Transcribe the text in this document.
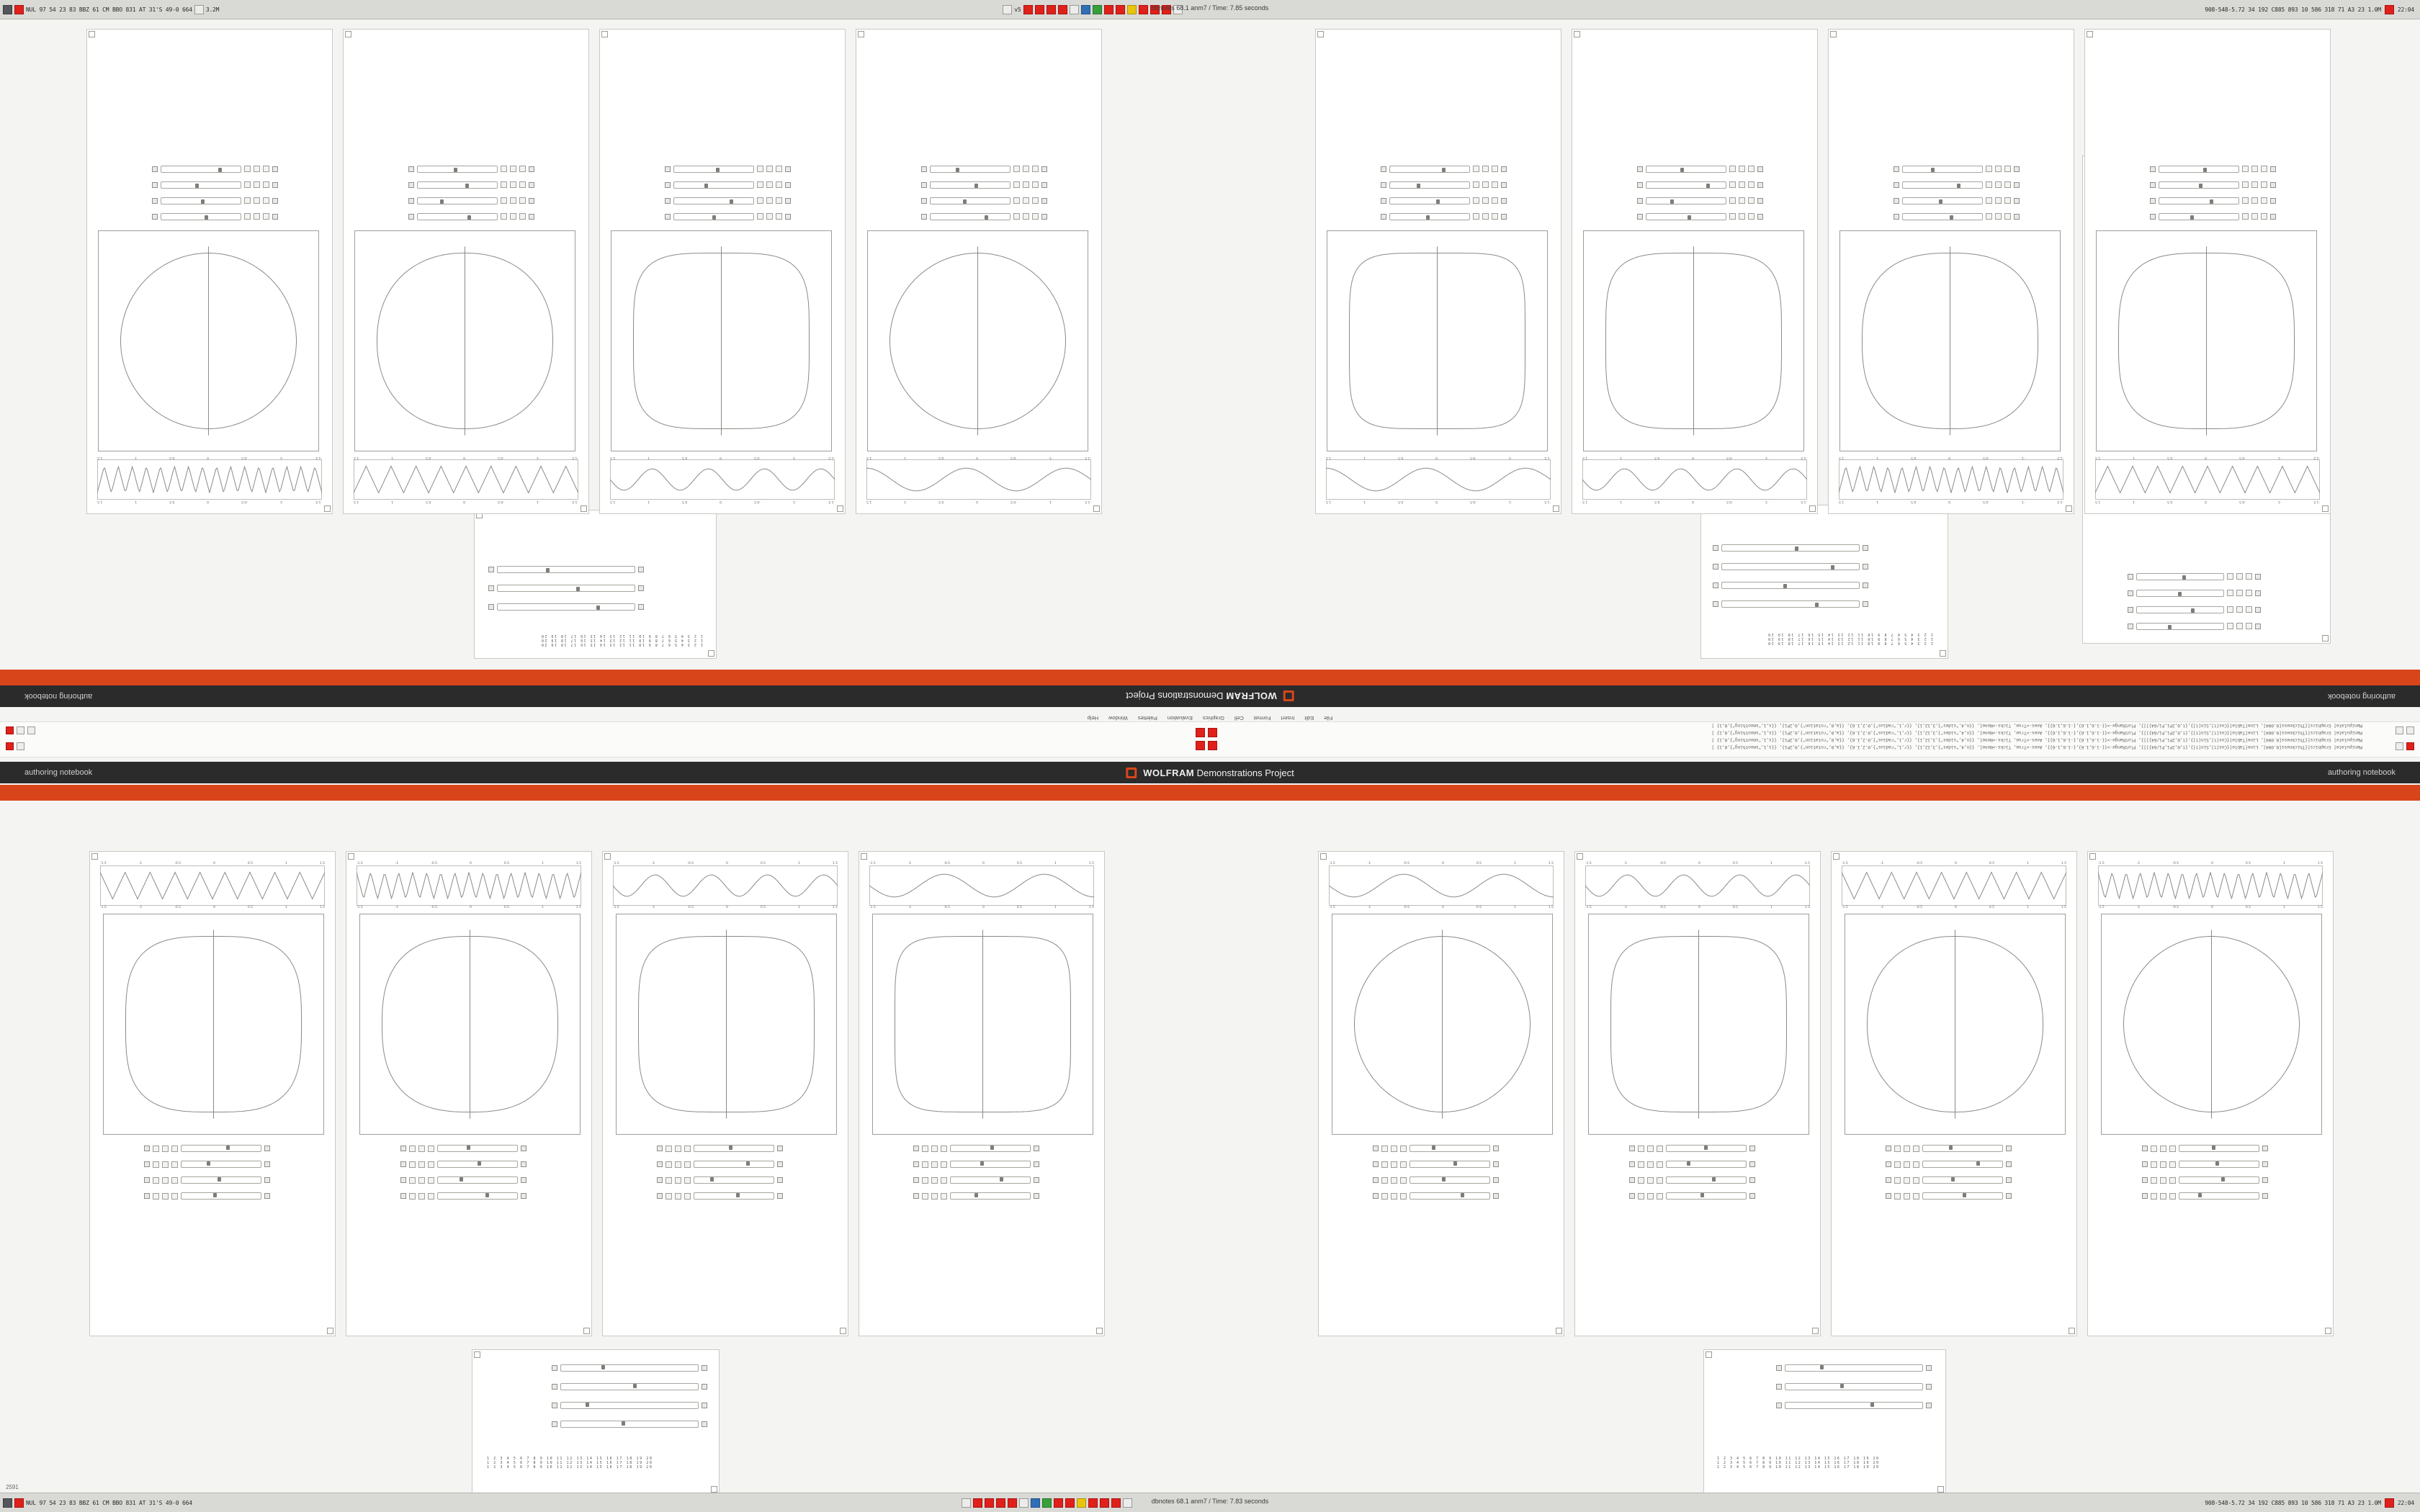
NUL 97 54 23 83 BBZ 61 CM BBO 831 AT 31'S 49-0 664 3.2M	v5	908-548-5.72 34 192 C885 893 10 586 318 71 A3 23 1.0M	22:04
dbnotes 68.1 anm7 / Time: 7.85 seconds
1 2 3 4 5 6 7 8 9 10 11 12 13 14 15 16 17 18 19 20
1 2 3 4 5 6 7 8 9 10 11 12 13 14 15 16 17 18 19 20
1 2 3 4 5 6 7 8 9 10 11 12 13 14 15 16 17 18 19 20
1 2 3 4 5 6 7 8 9 10 11 12 13 14 15 16 17 18 19 20
1 2 3 4 5 6 7 8 9 10 11 12 13 14 15 16 17 18 19 20
1 2 3 4 5 6 7 8 9 10 11 12 13 14 15 16 17 18 19 20
-1.5
-1
-0.5
0
0.5
1
1.5
-1.5
-1
-0.5
0
0.5
1
1.5
-1.5
-1
-0.5
0
0.5
1
1.5
-1.5
-1
-0.5
0
0.5
1
1.5
-1.5
-1
-0.5
0
0.5
1
1.5
-1.5
-1
-0.5
0
0.5
1
1.5
-1.5
-1
-0.5
0
0.5
1
1.5
-1.5
-1
-0.5
0
0.5
1
1.5
-1.5
-1
-0.5
0
0.5
1
1.5
-1.5
-1
-0.5
0
0.5
1
1.5
-1.5
-1
-0.5
0
0.5
1
1.5
-1.5
-1
-0.5
0
0.5
1
1.5
-1.5
-1
-0.5
0
0.5
1
1.5
-1.5
-1
-0.5
0
0.5
1
1.5
-1.5
-1
-0.5
0
0.5
1
1.5
-1.5
-1
-0.5
0
0.5
1
1.5
authoring notebook
WOLFRAM Demonstrations Project
authoring notebook
File
Edit
Insert
Format
Cell
Graphics
Evaluation
Palettes
Window
Help
Manipulate[ Graphics[{Thickness[0.004], Line[Table[{Cos[t],Sin[t]},{t,0,2Pi,Pi/64}]]}, PlotRange->{{-1.6,1.6},{-1.6,1.6}}, Axes->True, Ticks->None], {{n,4,"sides"},3,12,1}, {{r,1,"radius"},0.2,1.6}, {{a,0,"rotation"},0,2Pi}, {{s,1,"smoothing"},0,1} ]
Manipulate[ Graphics[{Thickness[0.004], Line[Table[{Cos[t],Sin[t]},{t,0,2Pi,Pi/64}]]}, PlotRange->{{-1.6,1.6},{-1.6,1.6}}, Axes->True, Ticks->None], {{n,4,"sides"},3,12,1}, {{r,1,"radius"},0.2,1.6}, {{a,0,"rotation"},0,2Pi}, {{s,1,"smoothing"},0,1} ]
Manipulate[ Graphics[{Thickness[0.004], Line[Table[{Cos[t],Sin[t]},{t,0,2Pi,Pi/64}]]}, PlotRange->{{-1.6,1.6},{-1.6,1.6}}, Axes->True, Ticks->None], {{n,4,"sides"},3,12,1}, {{r,1,"radius"},0.2,1.6}, {{a,0,"rotation"},0,2Pi}, {{s,1,"smoothing"},0,1} ]
Manipulate[ Graphics[{Thickness[0.004], Line[Table[{Cos[t],Sin[t]},{t,0,2Pi,Pi/64}]]}, PlotRange->{{-1.6,1.6},{-1.6,1.6}}, Axes->True, Ticks->None], {{n,4,"sides"},3,12,1}, {{r,1,"radius"},0.2,1.6}, {{a,0,"rotation"},0,2Pi}, {{s,1,"smoothing"},0,1} ]
authoring notebook	WOLFRAM Demonstrations Project	authoring notebook
-1.5	-1	-0.5	0	0.5	1	1.5
-1.5	-1	-0.5	0	0.5	1	1.5
-1.5	-1	-0.5	0	0.5	1	1.5
-1.5	-1	-0.5	0	0.5	1	1.5
-1.5	-1	-0.5	0	0.5	1	1.5
-1.5	-1	-0.5	0	0.5	1	1.5
-1.5	-1	-0.5	0	0.5	1	1.5
-1.5	-1	-0.5	0	0.5	1	1.5
-1.5	-1	-0.5	0	0.5	1	1.5
-1.5	-1	-0.5	0	0.5	1	1.5
-1.5	-1	-0.5	0	0.5	1	1.5
-1.5	-1	-0.5	0	0.5	1	1.5
-1.5	-1	-0.5	0	0.5	1	1.5
-1.5	-1	-0.5	0	0.5	1	1.5
-1.5	-1	-0.5	0	0.5	1	1.5
-1.5	-1	-0.5	0	0.5	1	1.5
1 2 3 4 5 6 7 8 9 10 11 12 13 14 15 16 17 18 19 20
1 2 3 4 5 6 7 8 9 10 11 12 13 14 15 16 17 18 19 20
1 2 3 4 5 6 7 8 9 10 11 12 13 14 15 16 17 18 19 20
1 2 3 4 5 6 7 8 9 10 11 12 13 14 15 16 17 18 19 20
1 2 3 4 5 6 7 8 9 10 11 12 13 14 15 16 17 18 19 20
1 2 3 4 5 6 7 8 9 10 11 12 13 14 15 16 17 18 19 20
NUL 97 54 23 83 BBZ 61 CM BBO 831 AT 31'S 49-0 664	908-548-5.72 34 192 C885 893 10 586 318 71 A3 23 1.0M	22:04
dbnotes 68.1 anm7 / Time: 7.83 seconds
2591
